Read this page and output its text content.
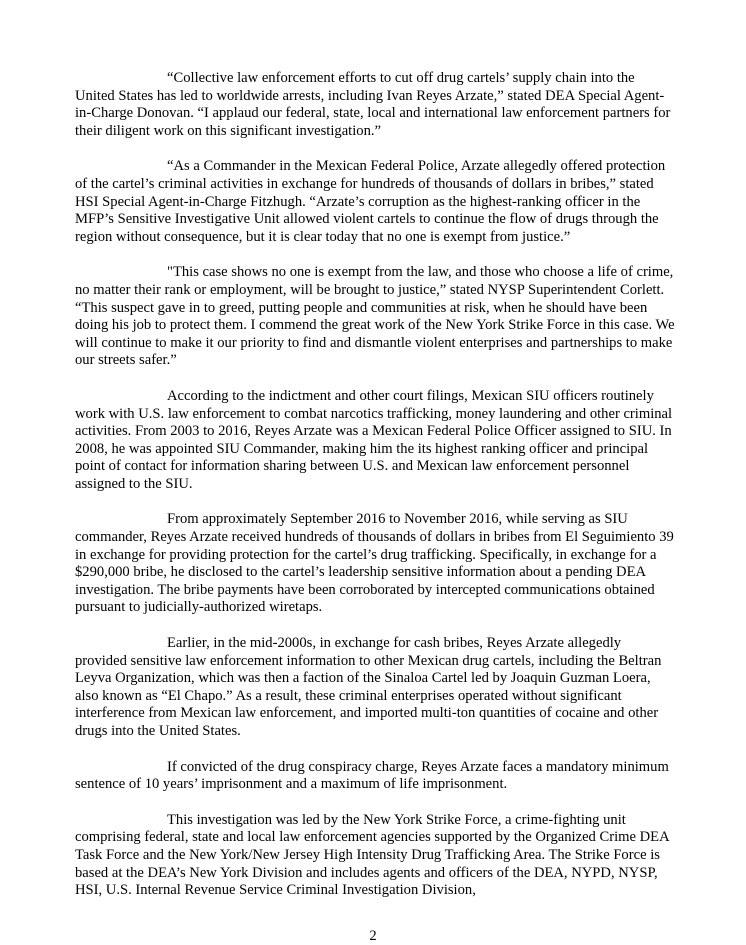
“Collective law enforcement efforts to cut off drug cartels’ supply chain into the United States has led to worldwide arrests, including Ivan Reyes Arzate,” stated DEA Special Agent-in-Charge Donovan. “I applaud our federal, state, local and international law enforcement partners for their diligent work on this significant investigation.”

“As a Commander in the Mexican Federal Police, Arzate allegedly offered protection of the cartel’s criminal activities in exchange for hundreds of thousands of dollars in bribes,” stated HSI Special Agent-in-Charge Fitzhugh. “Arzate’s corruption as the highest-ranking officer in the MFP’s Sensitive Investigative Unit allowed violent cartels to continue the flow of drugs through the region without consequence, but it is clear today that no one is exempt from justice.”

"This case shows no one is exempt from the law, and those who choose a life of crime, no matter their rank or employment, will be brought to justice,” stated NYSP Superintendent Corlett. “This suspect gave in to greed, putting people and communities at risk, when he should have been doing his job to protect them. I commend the great work of the New York Strike Force in this case. We will continue to make it our priority to find and dismantle violent enterprises and partnerships to make our streets safer.”

According to the indictment and other court filings, Mexican SIU officers routinely work with U.S. law enforcement to combat narcotics trafficking, money laundering and other criminal activities. From 2003 to 2016, Reyes Arzate was a Mexican Federal Police Officer assigned to SIU. In 2008, he was appointed SIU Commander, making him the its highest ranking officer and principal point of contact for information sharing between U.S. and Mexican law enforcement personnel assigned to the SIU.

From approximately September 2016 to November 2016, while serving as SIU commander, Reyes Arzate received hundreds of thousands of dollars in bribes from El Seguimiento 39 in exchange for providing protection for the cartel’s drug trafficking. Specifically, in exchange for a $290,000 bribe, he disclosed to the cartel’s leadership sensitive information about a pending DEA investigation. The bribe payments have been corroborated by intercepted communications obtained pursuant to judicially-authorized wiretaps.

Earlier, in the mid-2000s, in exchange for cash bribes, Reyes Arzate allegedly provided sensitive law enforcement information to other Mexican drug cartels, including the Beltran Leyva Organization, which was then a faction of the Sinaloa Cartel led by Joaquin Guzman Loera, also known as “El Chapo.” As a result, these criminal enterprises operated without significant interference from Mexican law enforcement, and imported multi-ton quantities of cocaine and other drugs into the United States.

If convicted of the drug conspiracy charge, Reyes Arzate faces a mandatory minimum sentence of 10 years’ imprisonment and a maximum of life imprisonment.

This investigation was led by the New York Strike Force, a crime-fighting unit comprising federal, state and local law enforcement agencies supported by the Organized Crime DEA Task Force and the New York/New Jersey High Intensity Drug Trafficking Area. The Strike Force is based at the DEA’s New York Division and includes agents and officers of the DEA, NYPD, NYSP, HSI, U.S. Internal Revenue Service Criminal Investigation Division,

2
